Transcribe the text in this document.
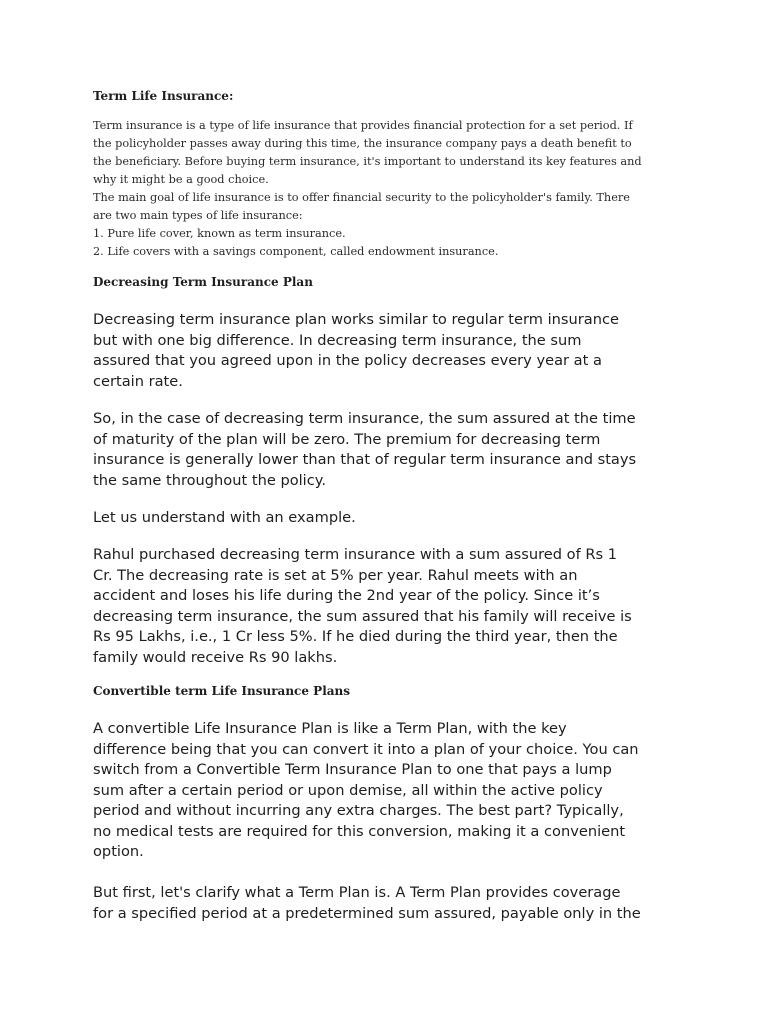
Term Life Insurance:
Term insurance is a type of life insurance that provides financial protection for a set period. If
the policyholder passes away during this time, the insurance company pays a death benefit to
the beneficiary. Before buying term insurance, it's important to understand its key features and
why it might be a good choice.
The main goal of life insurance is to offer financial security to the policyholder's family. There
are two main types of life insurance:
1. Pure life cover, known as term insurance.
2. Life covers with a savings component, called endowment insurance.
Decreasing Term Insurance Plan
Decreasing term insurance plan works similar to regular term insurance
but with one big difference. In decreasing term insurance, the sum
assured that you agreed upon in the policy decreases every year at a
certain rate.
So, in the case of decreasing term insurance, the sum assured at the time
of maturity of the plan will be zero. The premium for decreasing term
insurance is generally lower than that of regular term insurance and stays
the same throughout the policy.
Let us understand with an example.
Rahul purchased decreasing term insurance with a sum assured of Rs 1
Cr. The decreasing rate is set at 5% per year. Rahul meets with an
accident and loses his life during the 2nd year of the policy. Since it’s
decreasing term insurance, the sum assured that his family will receive is
Rs 95 Lakhs, i.e., 1 Cr less 5%. If he died during the third year, then the
family would receive Rs 90 lakhs.
Convertible term Life Insurance Plans
A convertible Life Insurance Plan is like a Term Plan, with the key
difference being that you can convert it into a plan of your choice. You can
switch from a Convertible Term Insurance Plan to one that pays a lump
sum after a certain period or upon demise, all within the active policy
period and without incurring any extra charges. The best part? Typically,
no medical tests are required for this conversion, making it a convenient
option.
But first, let's clarify what a Term Plan is. A Term Plan provides coverage
for a specified period at a predetermined sum assured, payable only in the
